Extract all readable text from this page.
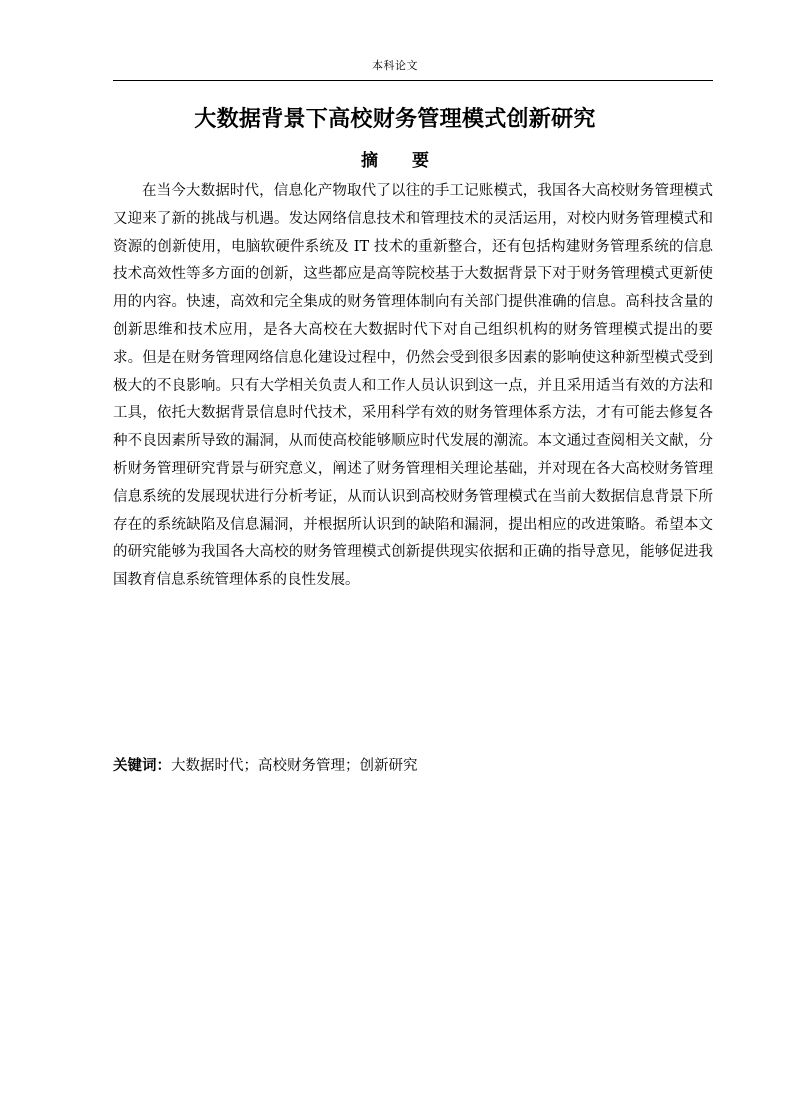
本科论文
大数据背景下高校财务管理模式创新研究
摘 要

在当今大数据时代，信息化产物取代了以往的手工记账模式，我国各大高校财务管理模式又迎来了新的挑战与机遇。发达网络信息技术和管理技术的灵活运用，对校内财务管理模式和资源的创新使用，电脑软硬件系统及 IT 技术的重新整合，还有包括构建财务管理系统的信息技术高效性等多方面的创新，这些都应是高等院校基于大数据背景下对于财务管理模式更新使用的内容。快速，高效和完全集成的财务管理体制向有关部门提供准确的信息。高科技含量的创新思维和技术应用，是各大高校在大数据时代下对自己组织机构的财务管理模式提出的要求。但是在财务管理网络信息化建设过程中，仍然会受到很多因素的影响使这种新型模式受到极大的不良影响。只有大学相关负责人和工作人员认识到这一点，并且采用适当有效的方法和工具，依托大数据背景信息时代技术，采用科学有效的财务管理体系方法，才有可能去修复各种不良因素所导致的漏洞，从而使高校能够顺应时代发展的潮流。本文通过查阅相关文献，分析财务管理研究背景与研究意义，阐述了财务管理相关理论基础，并对现在各大高校财务管理信息系统的发展现状进行分析考证，从而认识到高校财务管理模式在当前大数据信息背景下所存在的系统缺陷及信息漏洞，并根据所认识到的缺陷和漏洞，提出相应的改进策略。希望本文的研究能够为我国各大高校的财务管理模式创新提供现实依据和正确的指导意见，能够促进我国教育信息系统管理体系的良性发展。

关键词：大数据时代；高校财务管理；创新研究
